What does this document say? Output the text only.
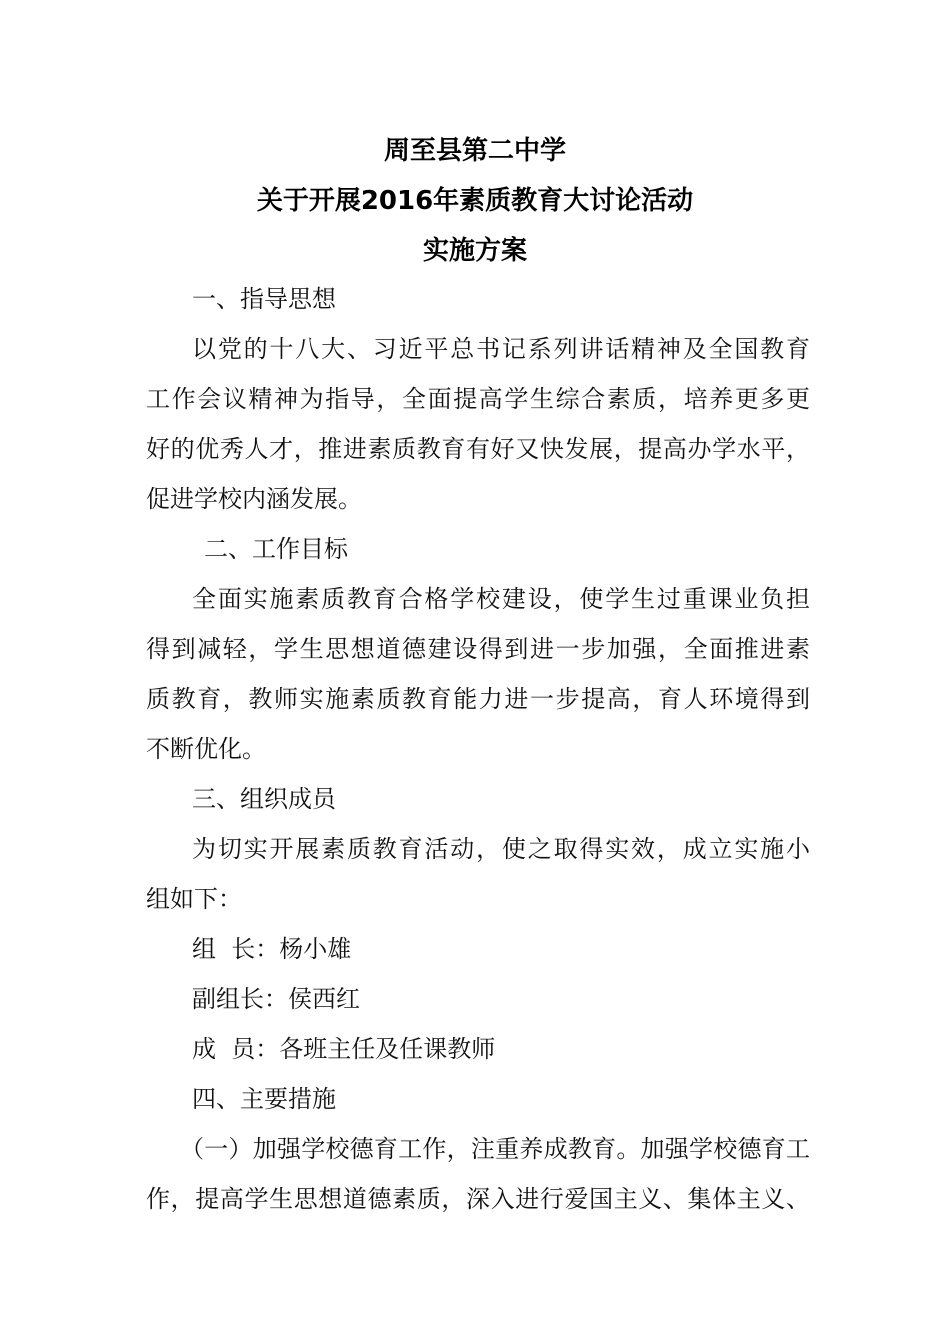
周至县第二中学
关于开展2016年素质教育大讨论活动
实施方案
一、指导思想
以党的十八大、习近平总书记系列讲话精神及全国教育
工作会议精神为指导，全面提高学生综合素质，培养更多更
好的优秀人才，推进素质教育有好又快发展，提高办学水平，
促进学校内涵发展。
二、工作目标
全面实施素质教育合格学校建设，使学生过重课业负担
得到减轻，学生思想道德建设得到进一步加强，全面推进素
质教育，教师实施素质教育能力进一步提高，育人环境得到
不断优化。
三、组织成员
为切实开展素质教育活动，使之取得实效，成立实施小
组如下：
组  长：杨小雄
副组长：侯西红
成  员：各班主任及任课教师
四、主要措施
（一）加强学校德育工作，注重养成教育。加强学校德育工
作，提高学生思想道德素质，深入进行爱国主义、集体主义、
